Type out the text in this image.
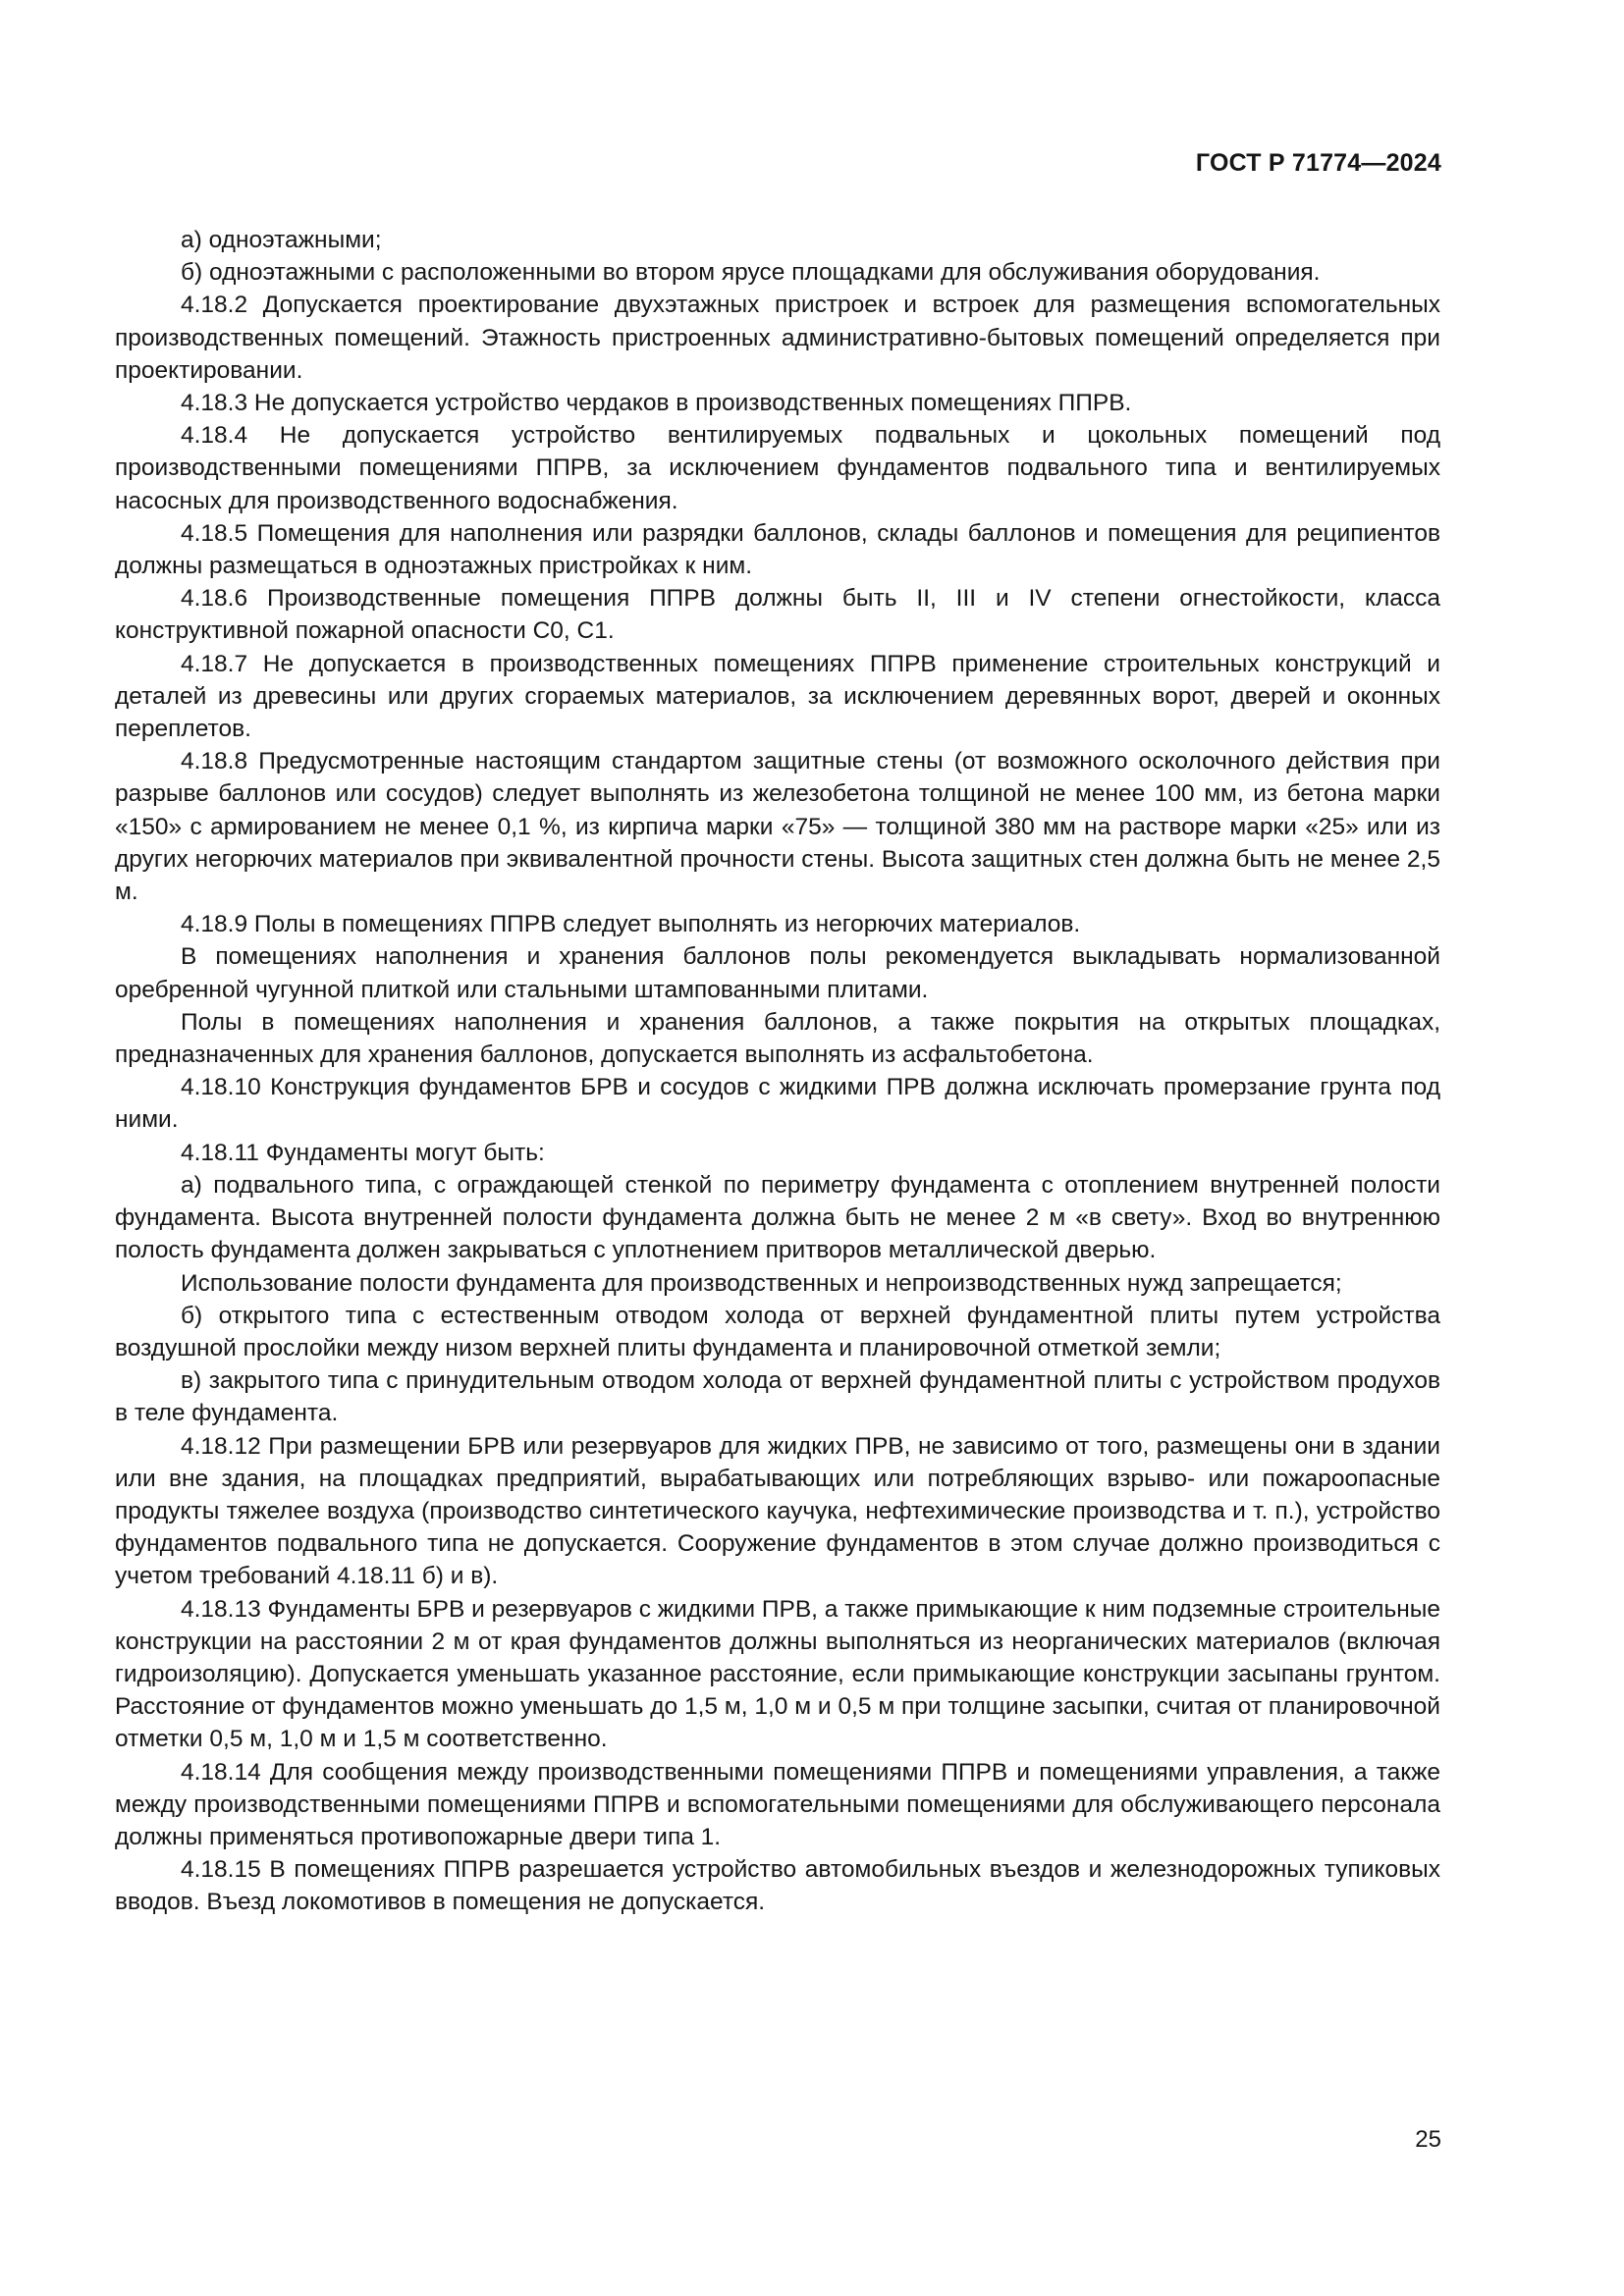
ГОСТ Р 71774—2024

а) одноэтажными;

б) одноэтажными с расположенными во втором ярусе площадками для обслуживания оборудования.

4.18.2 Допускается проектирование двухэтажных пристроек и встроек для размещения вспомогательных производственных помещений. Этажность пристроенных административно-бытовых помещений определяется при проектировании.

4.18.3 Не допускается устройство чердаков в производственных помещениях ППРВ.

4.18.4 Не допускается устройство вентилируемых подвальных и цокольных помещений под производственными помещениями ППРВ, за исключением фундаментов подвального типа и вентилируемых насосных для производственного водоснабжения.

4.18.5 Помещения для наполнения или разрядки баллонов, склады баллонов и помещения для реципиентов должны размещаться в одноэтажных пристройках к ним.

4.18.6 Производственные помещения ППРВ должны быть II, III и IV степени огнестойкости, класса конструктивной пожарной опасности С0, С1.

4.18.7 Не допускается в производственных помещениях ППРВ применение строительных конструкций и деталей из древесины или других сгораемых материалов, за исключением деревянных ворот, дверей и оконных переплетов.

4.18.8 Предусмотренные настоящим стандартом защитные стены (от возможного осколочного действия при разрыве баллонов или сосудов) следует выполнять из железобетона толщиной не менее 100 мм, из бетона марки «150» с армированием не менее 0,1 %, из кирпича марки «75» — толщиной 380 мм на растворе марки «25» или из других негорючих материалов при эквивалентной прочности стены. Высота защитных стен должна быть не менее 2,5 м.

4.18.9 Полы в помещениях ППРВ следует выполнять из негорючих материалов.

В помещениях наполнения и хранения баллонов полы рекомендуется выкладывать нормализованной оребренной чугунной плиткой или стальными штампованными плитами.

Полы в помещениях наполнения и хранения баллонов, а также покрытия на открытых площадках, предназначенных для хранения баллонов, допускается выполнять из асфальтобетона.

4.18.10 Конструкция фундаментов БРВ и сосудов с жидкими ПРВ должна исключать промерзание грунта под ними.

4.18.11 Фундаменты могут быть:

а) подвального типа, с ограждающей стенкой по периметру фундамента с отоплением внутренней полости фундамента. Высота внутренней полости фундамента должна быть не менее 2 м «в свету». Вход во внутреннюю полость фундамента должен закрываться с уплотнением притворов металлической дверью.

Использование полости фундамента для производственных и непроизводственных нужд запрещается;

б) открытого типа с естественным отводом холода от верхней фундаментной плиты путем устройства воздушной прослойки между низом верхней плиты фундамента и планировочной отметкой земли;

в) закрытого типа с принудительным отводом холода от верхней фундаментной плиты с устройством продухов в теле фундамента.

4.18.12 При размещении БРВ или резервуаров для жидких ПРВ, не зависимо от того, размещены они в здании или вне здания, на площадках предприятий, вырабатывающих или потребляющих взрыво- или пожароопасные продукты тяжелее воздуха (производство синтетического каучука, нефтехимические производства и т. п.), устройство фундаментов подвального типа не допускается. Сооружение фундаментов в этом случае должно производиться с учетом требований 4.18.11 б) и в).

4.18.13 Фундаменты БРВ и резервуаров с жидкими ПРВ, а также примыкающие к ним подземные строительные конструкции на расстоянии 2 м от края фундаментов должны выполняться из неорганических материалов (включая гидроизоляцию). Допускается уменьшать указанное расстояние, если примыкающие конструкции засыпаны грунтом. Расстояние от фундаментов можно уменьшать до 1,5 м, 1,0 м и 0,5 м при толщине засыпки, считая от планировочной отметки 0,5 м, 1,0 м и 1,5 м соответственно.

4.18.14 Для сообщения между производственными помещениями ППРВ и помещениями управления, а также между производственными помещениями ППРВ и вспомогательными помещениями для обслуживающего персонала должны применяться противопожарные двери типа 1.

4.18.15 В помещениях ППРВ разрешается устройство автомобильных въездов и железнодорожных тупиковых вводов. Въезд локомотивов в помещения не допускается.

25
